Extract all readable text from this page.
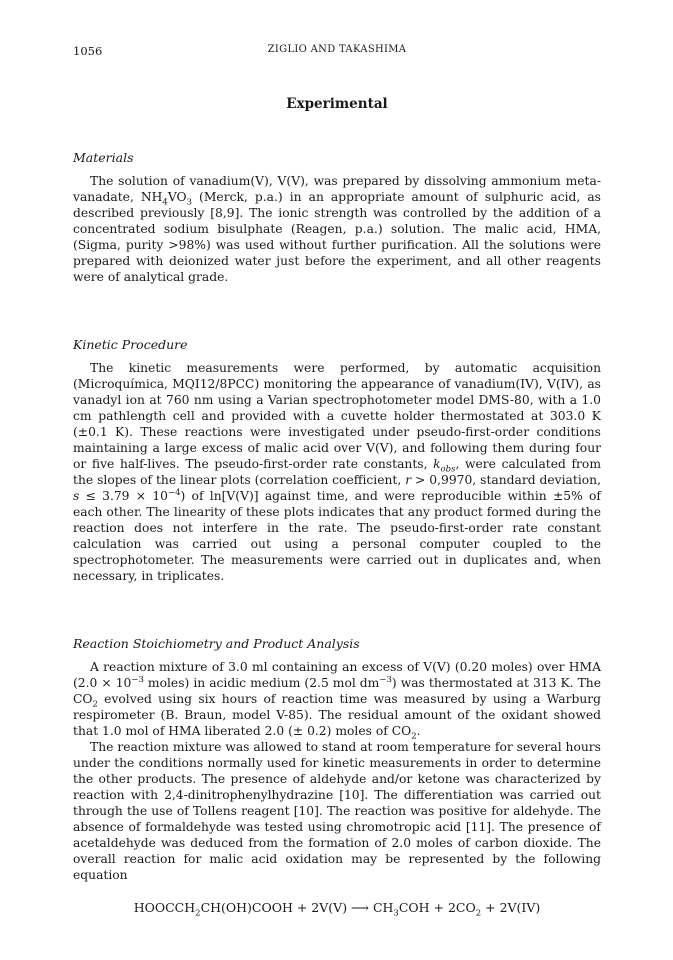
1056	ZIGLIO AND TAKASHIMA
Experimental
Materials

The solution of vanadium(V), V(V), was prepared by dissolving ammonium meta-vanadate, $NH_4VO_3$ (Merck, p.a.) in an appropriate amount of sulphuric acid, as described previously [8,9]. The ionic strength was controlled by the addition of a concentrated sodium bisulphate (Reagen, p.a.) solution. The malic acid, HMA, (Sigma, purity >98%) was used without further purification. All the solutions were prepared with deionized water just before the experiment, and all other reagents were of analytical grade.

Kinetic Procedure

The kinetic measurements were performed, by automatic acquisition (Microquímica, MQI12/8PCC) monitoring the appearance of vanadium(IV), V(IV), as vanadyl ion at 760 nm using a Varian spectrophotometer model DMS-80, with a 1.0 cm pathlength cell and provided with a cuvette holder thermostated at 303.0 K (±0.1 K). These reactions were investigated under pseudo-first-order conditions maintaining a large excess of malic acid over V(V), and following them during four or five half-lives. The pseudo-first-order rate constants, $k_{obs}$, were calculated from the slopes of the linear plots (correlation coefficient, r > 0,9970, standard deviation, $s \le 3.79 \times 10^{-4}$) of ln[V(V)] against time, and were reproducible within ±5% of each other. The linearity of these plots indicates that any product formed during the reaction does not interfere in the rate. The pseudo-first-order rate constant calculation was carried out using a personal computer coupled to the spectrophotometer. The measurements were carried out in duplicates and, when necessary, in triplicates.

Reaction Stoichiometry and Product Analysis

A reaction mixture of 3.0 ml containing an excess of V(V) (0.20 moles) over HMA ($2.0 \times 10^{-3}$ moles) in acidic medium (2.5 mol $dm^{-3}$) was thermostated at 313 K. The $CO_2$ evolved using six hours of reaction time was measured by using a Warburg respirometer (B. Braun, model V-85). The residual amount of the oxidant showed that 1.0 mol of HMA liberated 2.0 (± 0.2) moles of $CO_2$.

The reaction mixture was allowed to stand at room temperature for several hours under the conditions normally used for kinetic measurements in order to determine the other products. The presence of aldehyde and/or ketone was characterized by reaction with 2,4-dinitrophenylhydrazine [10]. The differentiation was carried out through the use of Tollens reagent [10]. The reaction was positive for aldehyde. The absence of formaldehyde was tested using chromotropic acid [11]. The presence of acetaldehyde was deduced from the formation of 2.0 moles of carbon dioxide. The overall reaction for malic acid oxidation may be represented by the following equation

$HOOCCH_2CH(OH)COOH + 2V(V)$ ⟶ $CH_3COH + 2CO_2 + 2V(IV)$
